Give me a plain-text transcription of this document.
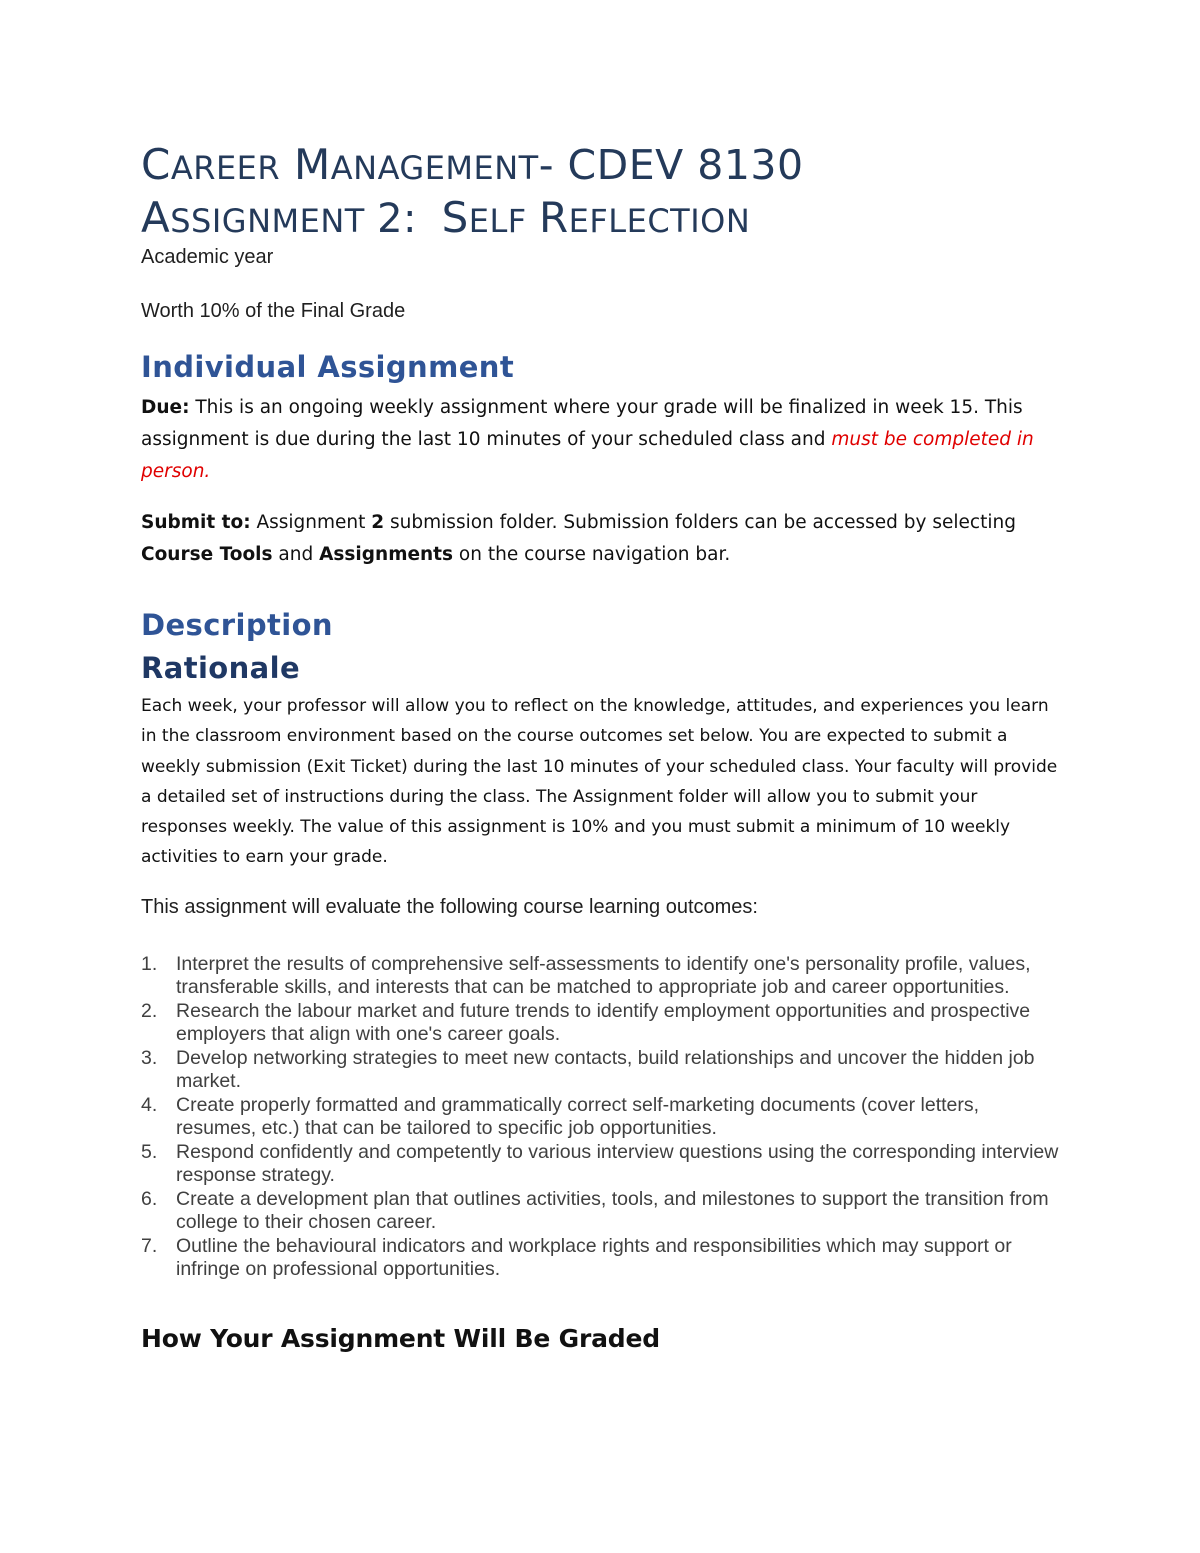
CAREER MANAGEMENT- CDEV 8130
ASSIGNMENT 2: SELF REFLECTION
Academic year
Worth 10% of the Final Grade
Individual Assignment
Due: This is an ongoing weekly assignment where your grade will be finalized in week 15. This assignment is due during the last 10 minutes of your scheduled class and must be completed in person.
Submit to: Assignment 2 submission folder. Submission folders can be accessed by selecting Course Tools and Assignments on the course navigation bar.
Description
Rationale
Each week, your professor will allow you to reflect on the knowledge, attitudes, and experiences you learn in the classroom environment based on the course outcomes set below. You are expected to submit a weekly submission (Exit Ticket) during the last 10 minutes of your scheduled class. Your faculty will provide a detailed set of instructions during the class. The Assignment folder will allow you to submit your responses weekly. The value of this assignment is 10% and you must submit a minimum of 10 weekly activities to earn your grade.
This assignment will evaluate the following course learning outcomes:
1. Interpret the results of comprehensive self-assessments to identify one's personality profile, values, transferable skills, and interests that can be matched to appropriate job and career opportunities.
2. Research the labour market and future trends to identify employment opportunities and prospective employers that align with one's career goals.
3. Develop networking strategies to meet new contacts, build relationships and uncover the hidden job market.
4. Create properly formatted and grammatically correct self-marketing documents (cover letters, resumes, etc.) that can be tailored to specific job opportunities.
5. Respond confidently and competently to various interview questions using the corresponding interview response strategy.
6. Create a development plan that outlines activities, tools, and milestones to support the transition from college to their chosen career.
7. Outline the behavioural indicators and workplace rights and responsibilities which may support or infringe on professional opportunities.
How Your Assignment Will Be Graded
